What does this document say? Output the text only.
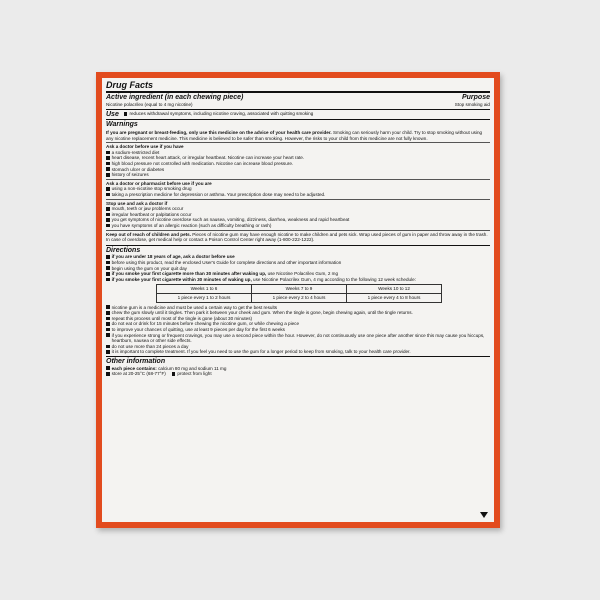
Drug Facts
Active ingredient (in each chewing piece)	Purpose
Nicotine polacrilex (equal to 4 mg nicotine)	Stop smoking aid
Use reduces withdrawal symptoms, including nicotine craving, associated with quitting smoking
Warnings
If you are pregnant or breast-feeding, only use this medicine on the advice of your health care provider. Smoking can seriously harm your child. Try to stop smoking without using any nicotine replacement medicine. This medicine is believed to be safer than smoking. However, the risks to your child from this medicine are not fully known.
Ask a doctor before use if you have
a sodium-restricted diet
heart disease, recent heart attack, or irregular heartbeat. Nicotine can increase your heart rate.
high blood pressure not controlled with medication. Nicotine can increase blood pressure.
stomach ulcer or diabetes
history of seizures
Ask a doctor or pharmacist before use if you are
using a non-nicotine stop smoking drug
taking a prescription medicine for depression or asthma. Your prescription dose may need to be adjusted.
Stop use and ask a doctor if
mouth, teeth or jaw problems occur
irregular heartbeat or palpitations occur
you get symptoms of nicotine overdose such as nausea, vomiting, dizziness, diarrhea, weakness and rapid heartbeat
you have symptoms of an allergic reaction (such as difficulty breathing or rash)
Keep out of reach of children and pets. Pieces of nicotine gum may have enough nicotine to make children and pets sick. Wrap used pieces of gum in paper and throw away in the trash. In case of overdose, get medical help or contact a Poison Control Center right away (1-800-222-1222).
Directions
if you are under 18 years of age, ask a doctor before use
before using this product, read the enclosed User's Guide for complete directions and other important information
begin using the gum on your quit day
if you smoke your first cigarette more than 30 minutes after waking up, use Nicotine Polacrilex Gum, 2 mg
if you smoke your first cigarette within 30 minutes of waking up, use Nicotine Polacrilex Gum, 4 mg according to the following 12 week schedule:
Weeks 1 to 6	Weeks 7 to 9	Weeks 10 to 12
1 piece every 1 to 2 hours	1 piece every 2 to 4 hours	1 piece every 4 to 8 hours
nicotine gum is a medicine and must be used a certain way to get the best results
chew the gum slowly until it tingles. Then park it between your cheek and gum. When the tingle is gone, begin chewing again, until the tingle returns.
repeat this process until most of the tingle is gone (about 30 minutes)
do not eat or drink for 15 minutes before chewing the nicotine gum, or while chewing a piece
to improve your chances of quitting, use at least 9 pieces per day for the first 6 weeks
if you experience strong or frequent cravings, you may use a second piece within the hour. However, do not continuously use one piece after another since this may cause you hiccups, heartburn, nausea or other side effects.
do not use more than 24 pieces a day
it is important to complete treatment. If you feel you need to use the gum for a longer period to keep from smoking, talk to your health care provider.
Other information
each piece contains: calcium 80 mg and sodium 11 mg
store at 20-25°C (68-77°F)	protect from light
